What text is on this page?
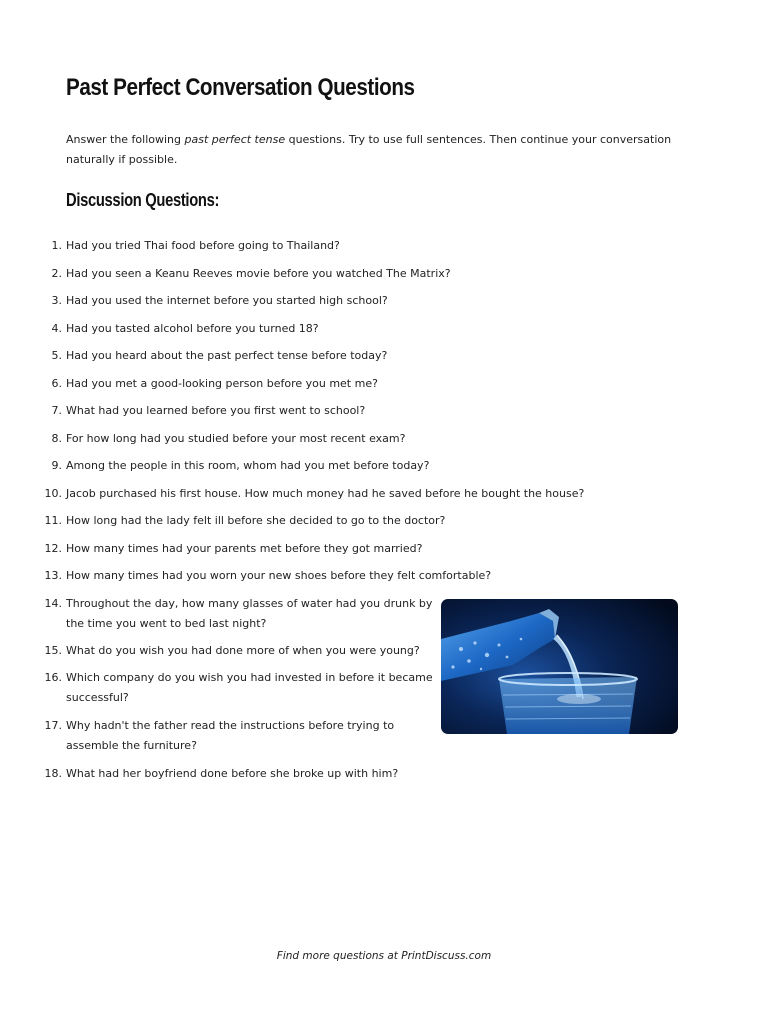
Past Perfect Conversation Questions

Answer the following past perfect tense questions. Try to use full sentences. Then continue your conversation naturally if possible.

Discussion Questions:
1. Had you tried Thai food before going to Thailand?
2. Had you seen a Keanu Reeves movie before you watched The Matrix?
3. Had you used the internet before you started high school?
4. Had you tasted alcohol before you turned 18?
5. Had you heard about the past perfect tense before today?
6. Had you met a good-looking person before you met me?
7. What had you learned before you first went to school?
8. For how long had you studied before your most recent exam?
9. Among the people in this room, whom had you met before today?
10. Jacob purchased his first house. How much money had he saved before he bought the house?
11. How long had the lady felt ill before she decided to go to the doctor?
12. How many times had your parents met before they got married?
13. How many times had you worn your new shoes before they felt comfortable?
14. Throughout the day, how many glasses of water had you drunk by the time you went to bed last night?
15. What do you wish you had done more of when you were young?
16. Which company do you wish you had invested in before it became successful?
17. Why hadn't the father read the instructions before trying to assemble the furniture?
18. What had her boyfriend done before she broke up with him?

Find more questions at PrintDiscuss.com
